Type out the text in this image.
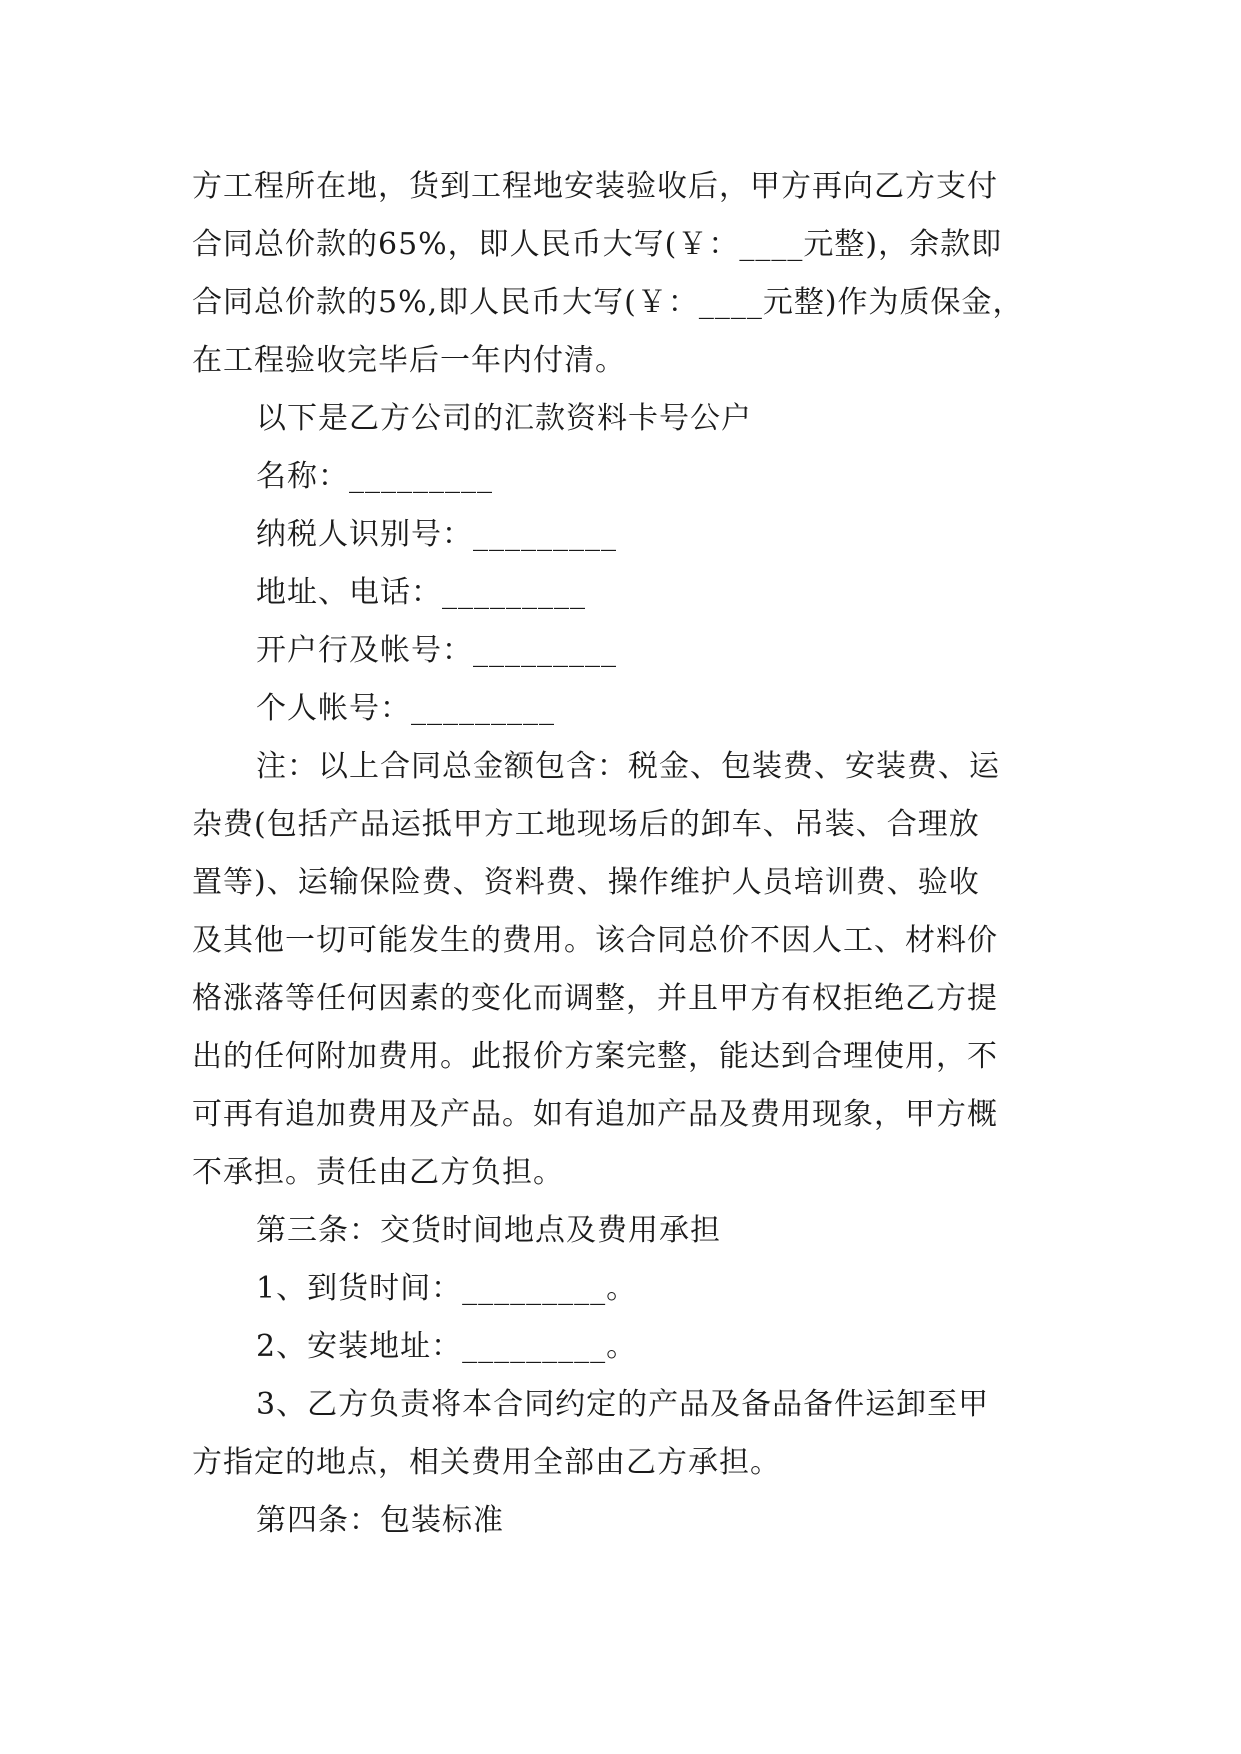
方工程所在地，货到工程地安装验收后，甲方再向乙方支付

合同总价款的65%，即人民币大写(￥：____元整)，余款即

合同总价款的5%,即人民币大写(￥：____元整)作为质保金，

在工程验收完毕后一年内付清。

以下是乙方公司的汇款资料卡号公户

名称：_________

纳税人识别号：_________

地址、电话：_________

开户行及帐号：_________

个人帐号：_________

注：以上合同总金额包含：税金、包装费、安装费、运

杂费(包括产品运抵甲方工地现场后的卸车、吊装、合理放

置等)、运输保险费、资料费、操作维护人员培训费、验收

及其他一切可能发生的费用。该合同总价不因人工、材料价

格涨落等任何因素的变化而调整，并且甲方有权拒绝乙方提

出的任何附加费用。此报价方案完整，能达到合理使用，不

可再有追加费用及产品。如有追加产品及费用现象，甲方概

不承担。责任由乙方负担。

第三条：交货时间地点及费用承担

1、到货时间：_________。

2、安装地址：_________。

3、乙方负责将本合同约定的产品及备品备件运卸至甲

方指定的地点，相关费用全部由乙方承担。

第四条：包装标准
